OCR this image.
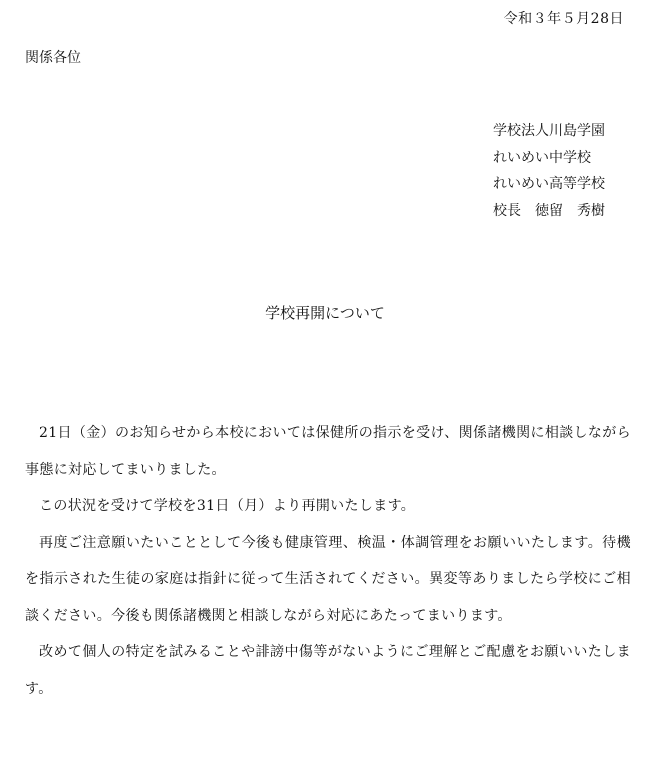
令和３年５月28日
関係各位
学校法人川島学園
れいめい中学校
れいめい高等学校
校長　徳留　秀樹
学校再開について

21日（金）のお知らせから本校においては保健所の指示を受け、関係諸機関に相談しながら事態に対応してまいりました。

この状況を受けて学校を31日（月）より再開いたします。

再度ご注意願いたいこととして今後も健康管理、検温・体調管理をお願いいたします。待機を指示された生徒の家庭は指針に従って生活されてください。異変等ありましたら学校にご相談ください。今後も関係諸機関と相談しながら対応にあたってまいります。

改めて個人の特定を試みることや誹謗中傷等がないようにご理解とご配慮をお願いいたします。
